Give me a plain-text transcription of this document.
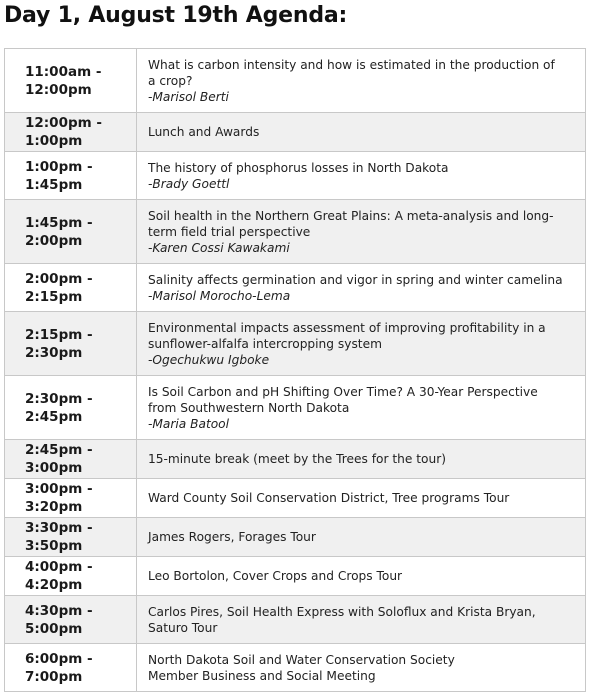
Day 1, August 19th Agenda:
11:00am -
12:00pm	What is carbon intensity and how is estimated in the production of
a crop?
-Marisol Berti

12:00pm -
1:00pm	Lunch and Awards

1:00pm -
1:45pm	The history of phosphorus losses in North Dakota
-Brady Goettl

1:45pm -
2:00pm	Soil health in the Northern Great Plains: A meta-analysis and long-
term field trial perspective
-Karen Cossi Kawakami

2:00pm -
2:15pm	Salinity affects germination and vigor in spring and winter camelina
-Marisol Morocho-Lema

2:15pm -
2:30pm	Environmental impacts assessment of improving profitability in a
sunflower-alfalfa intercropping system
-Ogechukwu Igboke

2:30pm -
2:45pm	Is Soil Carbon and pH Shifting Over Time? A 30-Year Perspective
from Southwestern North Dakota
-Maria Batool

2:45pm -
3:00pm	15-minute break (meet by the Trees for the tour)

3:00pm -
3:20pm	Ward County Soil Conservation District, Tree programs Tour

3:30pm -
3:50pm	James Rogers, Forages Tour

4:00pm -
4:20pm	Leo Bortolon, Cover Crops and Crops Tour

4:30pm -
5:00pm	Carlos Pires, Soil Health Express with Soloflux and Krista Bryan,
Saturo Tour

6:00pm -
7:00pm	North Dakota Soil and Water Conservation Society
Member Business and Social Meeting
